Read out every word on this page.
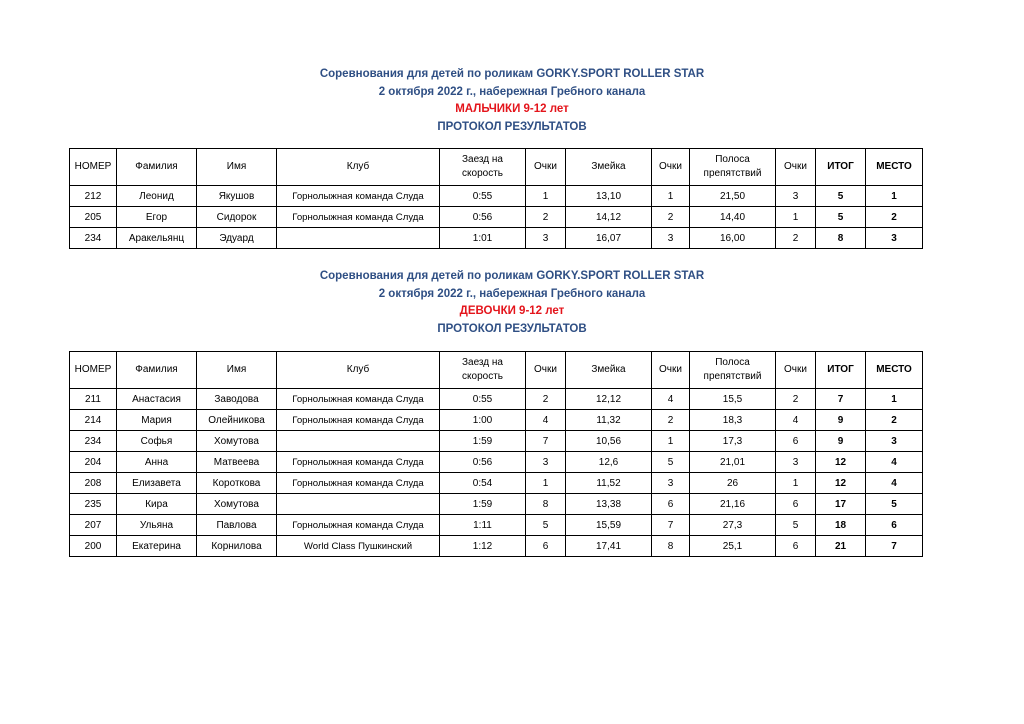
Соревнования для детей по роликам GORKY.SPORT ROLLER STAR
2 октября 2022 г., набережная Гребного канала
МАЛЬЧИКИ 9-12 лет
ПРОТОКОЛ РЕЗУЛЬТАТОВ
НОМЕР	Фамилия	Имя	Клуб	Заезд на скорость	Очки	Змейка	Очки	Полоса препятствий	Очки	ИТОГ	МЕСТО
212	Леонид	Якушов	Горнолыжная команда Слуда	0:55	1	13,10	1	21,50	3	5	1
205	Егор	Сидорок	Горнолыжная команда Слуда	0:56	2	14,12	2	14,40	1	5	2
234	Аракельянц	Эдуард		1:01	3	16,07	3	16,00	2	8	3
Соревнования для детей по роликам GORKY.SPORT ROLLER STAR
2 октября 2022 г., набережная Гребного канала
ДЕВОЧКИ 9-12 лет
ПРОТОКОЛ РЕЗУЛЬТАТОВ
НОМЕР	Фамилия	Имя	Клуб	Заезд на скорость	Очки	Змейка	Очки	Полоса препятствий	Очки	ИТОГ	МЕСТО
211	Анастасия	Заводова	Горнолыжная команда Слуда	0:55	2	12,12	4	15,5	2	7	1
214	Мария	Олейникова	Горнолыжная команда Слуда	1:00	4	11,32	2	18,3	4	9	2
234	Софья	Хомутова		1:59	7	10,56	1	17,3	6	9	3
204	Анна	Матвеева	Горнолыжная команда Слуда	0:56	3	12,6	5	21,01	3	12	4
208	Елизавета	Короткова	Горнолыжная команда Слуда	0:54	1	11,52	3	26	1	12	4
235	Кира	Хомутова		1:59	8	13,38	6	21,16	6	17	5
207	Ульяна	Павлова	Горнолыжная команда Слуда	1:11	5	15,59	7	27,3	5	18	6
200	Екатерина	Корнилова	World Class Пушкинский	1:12	6	17,41	8	25,1	6	21	7
